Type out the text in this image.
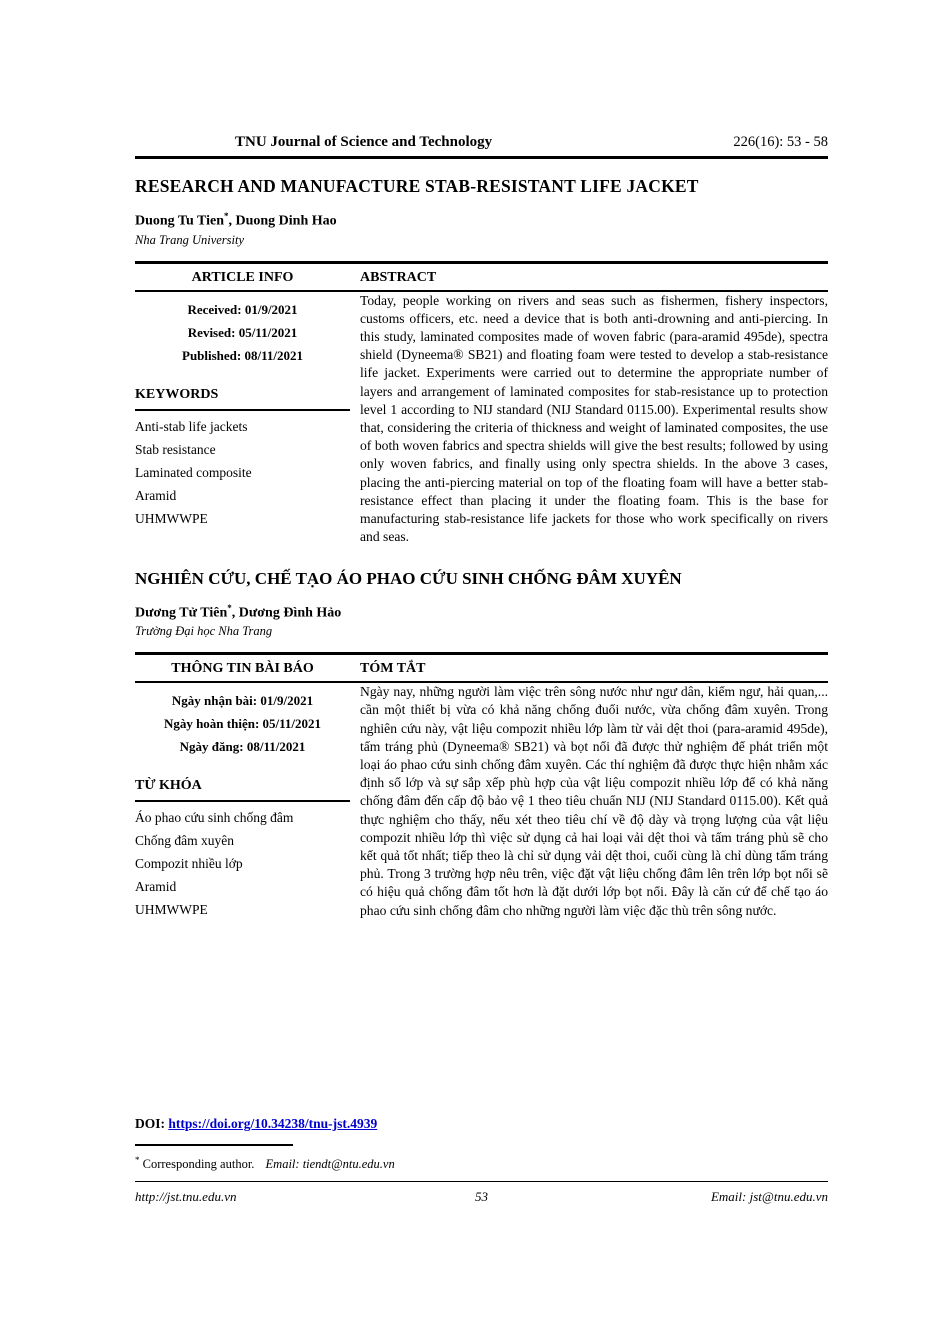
TNU Journal of Science and Technology	226(16): 53 - 58
RESEARCH AND MANUFACTURE STAB-RESISTANT LIFE JACKET
Duong Tu Tien*, Duong Dinh Hao
Nha Trang University
ARTICLE INFO	ABSTRACT
Received: 01/9/2021
Revised: 05/11/2021
Published: 08/11/2021
KEYWORDS
Anti-stab life jackets
Stab resistance
Laminated composite
Aramid
UHMWWPE

Today, people working on rivers and seas such as fishermen, fishery inspectors, customs officers, etc. need a device that is both anti-drowning and anti-piercing. In this study, laminated composites made of woven fabric (para-aramid 495de), spectra shield (Dyneema® SB21) and floating foam were tested to develop a stab-resistance life jacket. Experiments were carried out to determine the appropriate number of layers and arrangement of laminated composites for stab-resistance up to protection level 1 according to NIJ standard (NIJ Standard 0115.00). Experimental results show that, considering the criteria of thickness and weight of laminated composites, the use of both woven fabrics and spectra shields will give the best results; followed by using only woven fabrics, and finally using only spectra shields. In the above 3 cases, placing the anti-piercing material on top of the floating foam will have a better stab-resistance effect than placing it under the floating foam. This is the base for manufacturing stab-resistance life jackets for those who work specifically on rivers and seas.

NGHIÊN CỨU, CHẾ TẠO ÁO PHAO CỨU SINH CHỐNG ĐÂM XUYÊN
Dương Tử Tiên*, Dương Đình Hảo
Trường Đại học Nha Trang
THÔNG TIN BÀI BÁO	TÓM TẮT
Ngày nhận bài: 01/9/2021
Ngày hoàn thiện: 05/11/2021
Ngày đăng: 08/11/2021
TỪ KHÓA
Áo phao cứu sinh chống đâm
Chống đâm xuyên
Compozit nhiều lớp
Aramid
UHMWWPE

Ngày nay, những người làm việc trên sông nước như ngư dân, kiểm ngư, hải quan,... cần một thiết bị vừa có khả năng chống đuối nước, vừa chống đâm xuyên. Trong nghiên cứu này, vật liệu compozit nhiều lớp làm từ vải dệt thoi (para-aramid 495de), tấm tráng phủ (Dyneema® SB21) và bọt nổi đã được thử nghiệm để phát triển một loại áo phao cứu sinh chống đâm xuyên. Các thí nghiệm đã được thực hiện nhằm xác định số lớp và sự sắp xếp phù hợp của vật liệu compozit nhiều lớp để có khả năng chống đâm đến cấp độ bảo vệ 1 theo tiêu chuẩn NIJ (NIJ Standard 0115.00). Kết quả thực nghiệm cho thấy, nếu xét theo tiêu chí về độ dày và trọng lượng của vật liệu compozit nhiều lớp thì việc sử dụng cả hai loại vải dệt thoi và tấm tráng phủ sẽ cho kết quả tốt nhất; tiếp theo là chỉ sử dụng vải dệt thoi, cuối cùng là chỉ dùng tấm tráng phủ. Trong 3 trường hợp nêu trên, việc đặt vật liệu chống đâm lên trên lớp bọt nổi sẽ có hiệu quả chống đâm tốt hơn là đặt dưới lớp bọt nổi. Đây là căn cứ để chế tạo áo phao cứu sinh chống đâm cho những người làm việc đặc thù trên sông nước.

DOI: https://doi.org/10.34238/tnu-jst.4939
* Corresponding author. Email: tiendt@ntu.edu.vn
http://jst.tnu.edu.vn	53	Email: jst@tnu.edu.vn
